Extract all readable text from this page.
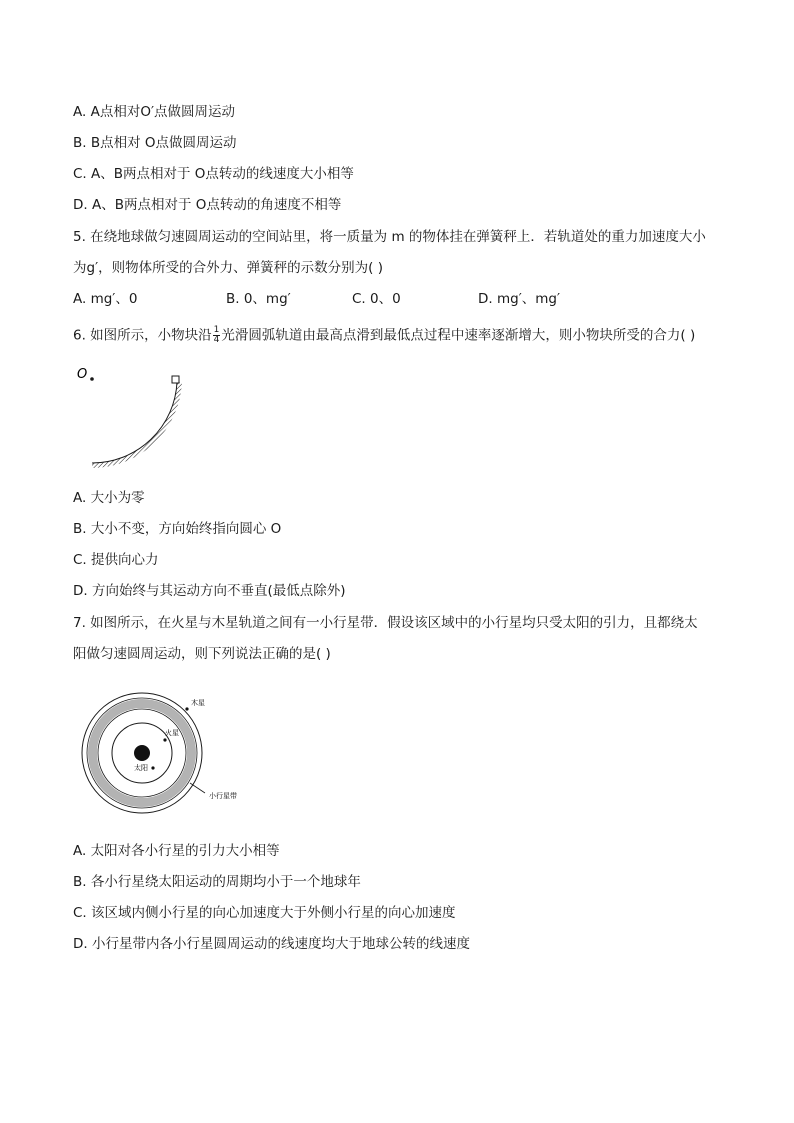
A. A点相对O′点做圆周运动
B. B点相对 O点做圆周运动
C. A、B两点相对于 O点转动的线速度大小相等
D. A、B两点相对于 O点转动的角速度不相等
5. 在绕地球做匀速圆周运动的空间站里，将一质量为 m 的物体挂在弹簧秤上．若轨道处的重力加速度大小
为g′，则物体所受的合外力、弹簧秤的示数分别为( )
A. mg′、0	B. 0、mg′	C. 0、0	D. mg′、mg′
6. 如图所示，小物块沿 $\frac{1}{4}$ 光滑圆弧轨道由最高点滑到最低点过程中速率逐渐增大，则小物块所受的合力( )
O
A. 大小为零
B. 大小不变，方向始终指向圆心 O
C. 提供向心力
D. 方向始终与其运动方向不垂直(最低点除外)
7. 如图所示，在火星与木星轨道之间有一小行星带．假设该区域中的小行星均只受太阳的引力，且都绕太
阳做匀速圆周运动，则下列说法正确的是( )
太阳
火星
木星
小行星带
A. 太阳对各小行星的引力大小相等
B. 各小行星绕太阳运动的周期均小于一个地球年
C. 该区域内侧小行星的向心加速度大于外侧小行星的向心加速度
D. 小行星带内各小行星圆周运动的线速度均大于地球公转的线速度
